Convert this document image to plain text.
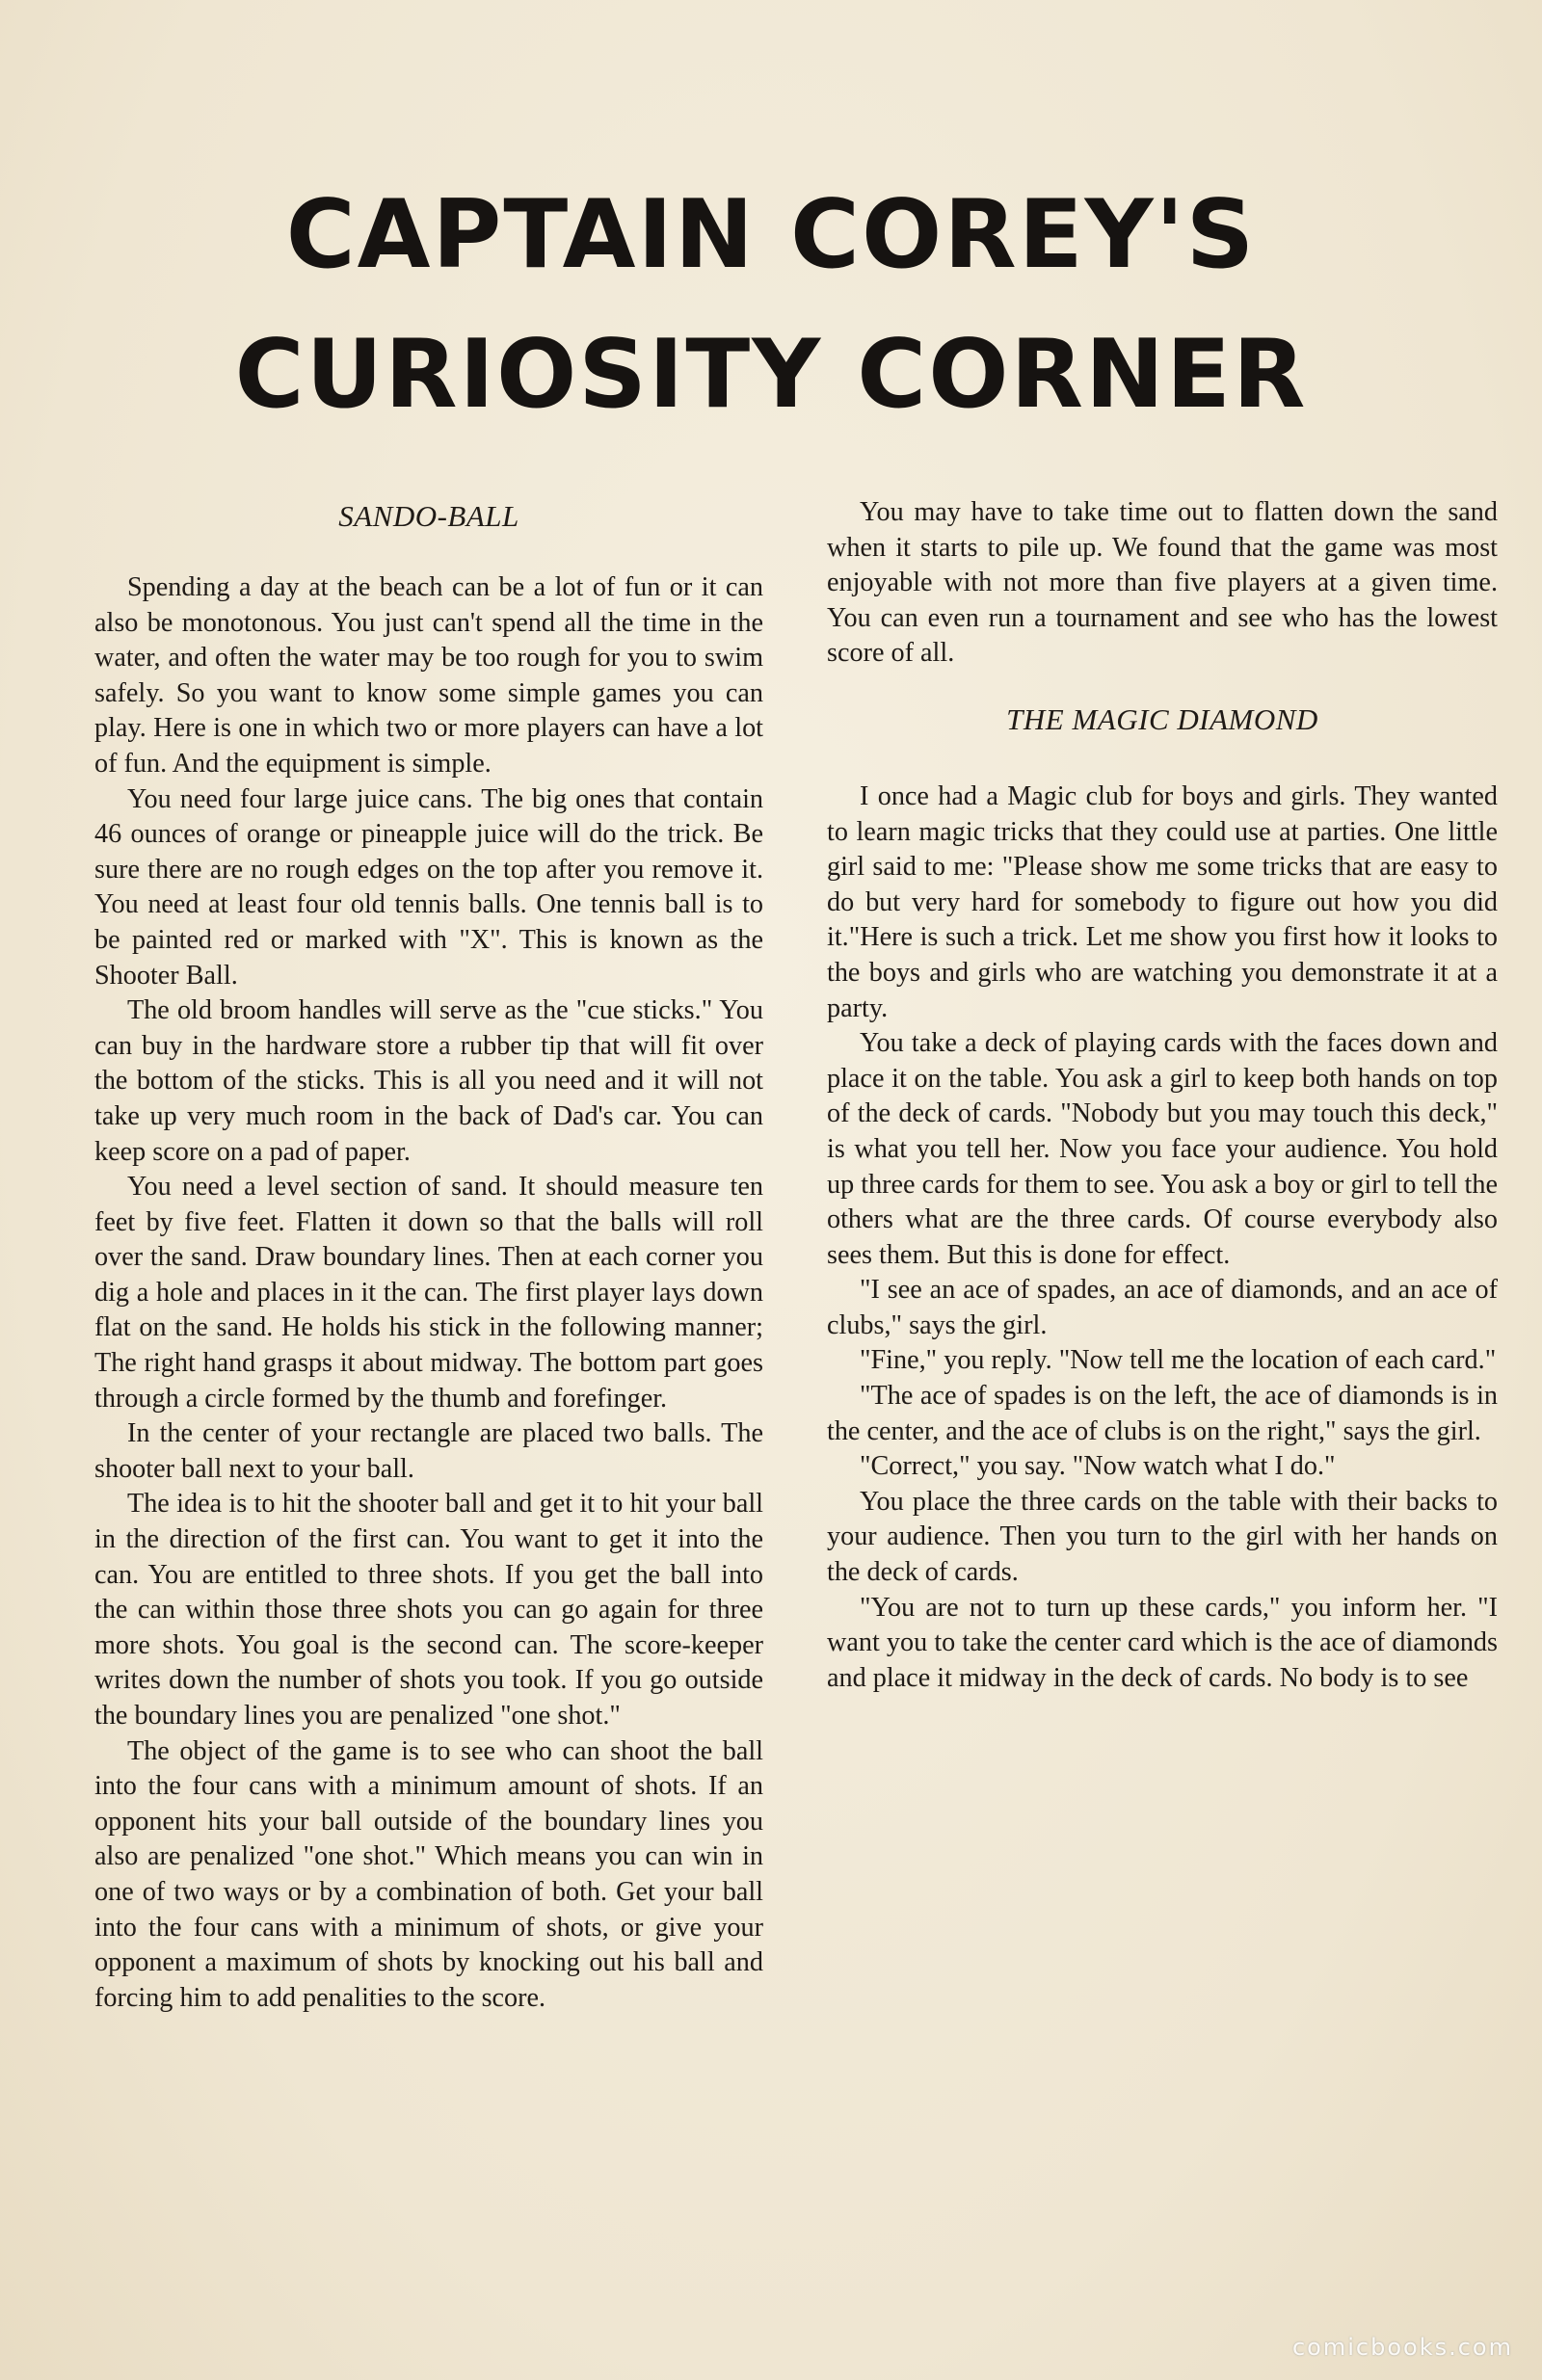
CAPTAIN COREY'S
CURIOSITY CORNER
SANDO-BALL

Spending a day at the beach can be a lot of fun or it can also be monotonous. You just can't spend all the time in the water, and often the water may be too rough for you to swim safely. So you want to know some simple games you can play. Here is one in which two or more players can have a lot of fun. And the equipment is simple.

You need four large juice cans. The big ones that contain 46 ounces of orange or pineapple juice will do the trick. Be sure there are no rough edges on the top after you remove it. You need at least four old tennis balls. One tennis ball is to be painted red or marked with "X". This is known as the Shooter Ball.

The old broom handles will serve as the "cue sticks." You can buy in the hardware store a rubber tip that will fit over the bottom of the sticks. This is all you need and it will not take up very much room in the back of Dad's car. You can keep score on a pad of paper.

You need a level section of sand. It should measure ten feet by five feet. Flatten it down so that the balls will roll over the sand. Draw boundary lines. Then at each corner you dig a hole and places in it the can. The first player lays down flat on the sand. He holds his stick in the following manner; The right hand grasps it about midway. The bottom part goes through a circle formed by the thumb and forefinger.

In the center of your rectangle are placed two balls. The shooter ball next to your ball.

The idea is to hit the shooter ball and get it to hit your ball in the direction of the first can. You want to get it into the can. You are entitled to three shots. If you get the ball into the can within those three shots you can go again for three more shots. You goal is the second can. The score-keeper writes down the number of shots you took. If you go outside the boundary lines you are penalized "one shot."

The object of the game is to see who can shoot the ball into the four cans with a minimum amount of shots. If an opponent hits your ball outside of the boundary lines you also are penalized "one shot." Which means you can win in one of two ways or by a combination of both. Get your ball into the four cans with a minimum of shots, or give your opponent a maximum of shots by knocking out his ball and forcing him to add penalities to the score.

You may have to take time out to flatten down the sand when it starts to pile up. We found that the game was most enjoyable with not more than five players at a given time. You can even run a tournament and see who has the lowest score of all.

THE MAGIC DIAMOND

I once had a Magic club for boys and girls. They wanted to learn magic tricks that they could use at parties. One little girl said to me: "Please show me some tricks that are easy to do but very hard for somebody to figure out how you did it."Here is such a trick. Let me show you first how it looks to the boys and girls who are watching you demonstrate it at a party.

You take a deck of playing cards with the faces down and place it on the table. You ask a girl to keep both hands on top of the deck of cards. "Nobody but you may touch this deck," is what you tell her. Now you face your audience. You hold up three cards for them to see. You ask a boy or girl to tell the others what are the three cards. Of course everybody also sees them. But this is done for effect.

"I see an ace of spades, an ace of diamonds, and an ace of clubs," says the girl.

"Fine," you reply. "Now tell me the location of each card."

"The ace of spades is on the left, the ace of diamonds is in the center, and the ace of clubs is on the right," says the girl.

"Correct," you say. "Now watch what I do."

You place the three cards on the table with their backs to your audience. Then you turn to the girl with her hands on the deck of cards.

"You are not to turn up these cards," you inform her. "I want you to take the center card which is the ace of diamonds and place it midway in the deck of cards. No body is to see

comicbooks.com
